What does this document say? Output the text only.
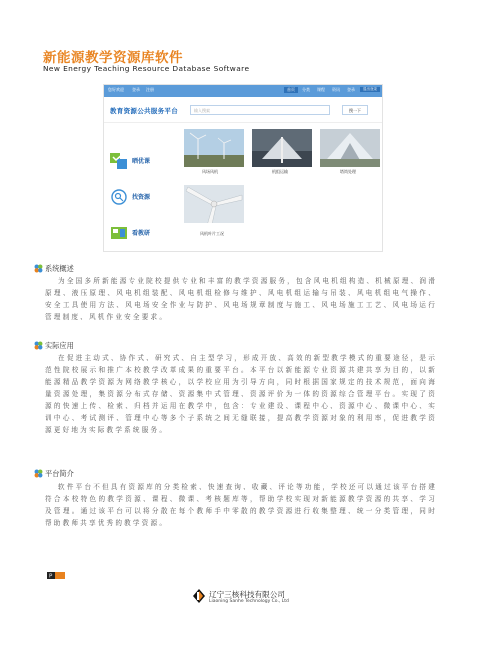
新能源教学资源库软件
New Energy Teaching Resource Database Software
您好欢迎 登录 注册	首页	分类 课程 资讯 登录	退出登录
教育资源公共服务平台	输入搜索	搜一下
晒优课
找资源
看教研
风场风机	机组运输	塔筒处理
风机叶片工况
系统概述
为全国多所新能源专业院校提供专业和丰富的教学资源服务，包含风电机组构造、机械原理、润滑原理、液压原理、风电机组装配、风电机组检修与维护、风电机组运输与吊装、风电机组电气操作、安全工具使用方法、风电场安全作业与防护、风电场规章制度与施工、风电场施工工艺、风电场运行管理制度、风机作业安全要求。
实际应用
在促进主动式、协作式、研究式、自主型学习，形成开放、高效的新型教学模式的重要途径，是示范性院校展示和推广本校教学改革成果的重要平台。本平台以新能源专业资源共建共享为目的，以新能源精品教学资源为网络教学核心，以学校应用为引导方向，同时根据国家规定的技术规范，面向海量资源处理，集资源分布式存储、资源集中式管理、资源评价为一体的资源综合管理平台。实现了资源的快速上传、检索、归档并运用在教学中，包含：专业建设、课程中心、资源中心、微课中心、实训中心、考试测评、管理中心等多个子系统之间无缝联接，提高教学资源对象的利用率，促进教学资源更好地为实际教学系统服务。
平台简介
软件平台不但具有资源库的分类检索、快速查询、收藏、评论等功能，学校还可以通过该平台搭建符合本校特色的教学资源、课程、微课、考核题库等，帮助学校实现对新能源教学资源的共享、学习及管理。通过该平台可以将分散在每个教师手中零散的教学资源进行收集整理、统一分类管理，同时帮助教师共享优秀的教学资源。
P
辽宁三核科技有限公司
Liaoning Sanhe Technology Co., Ltd
